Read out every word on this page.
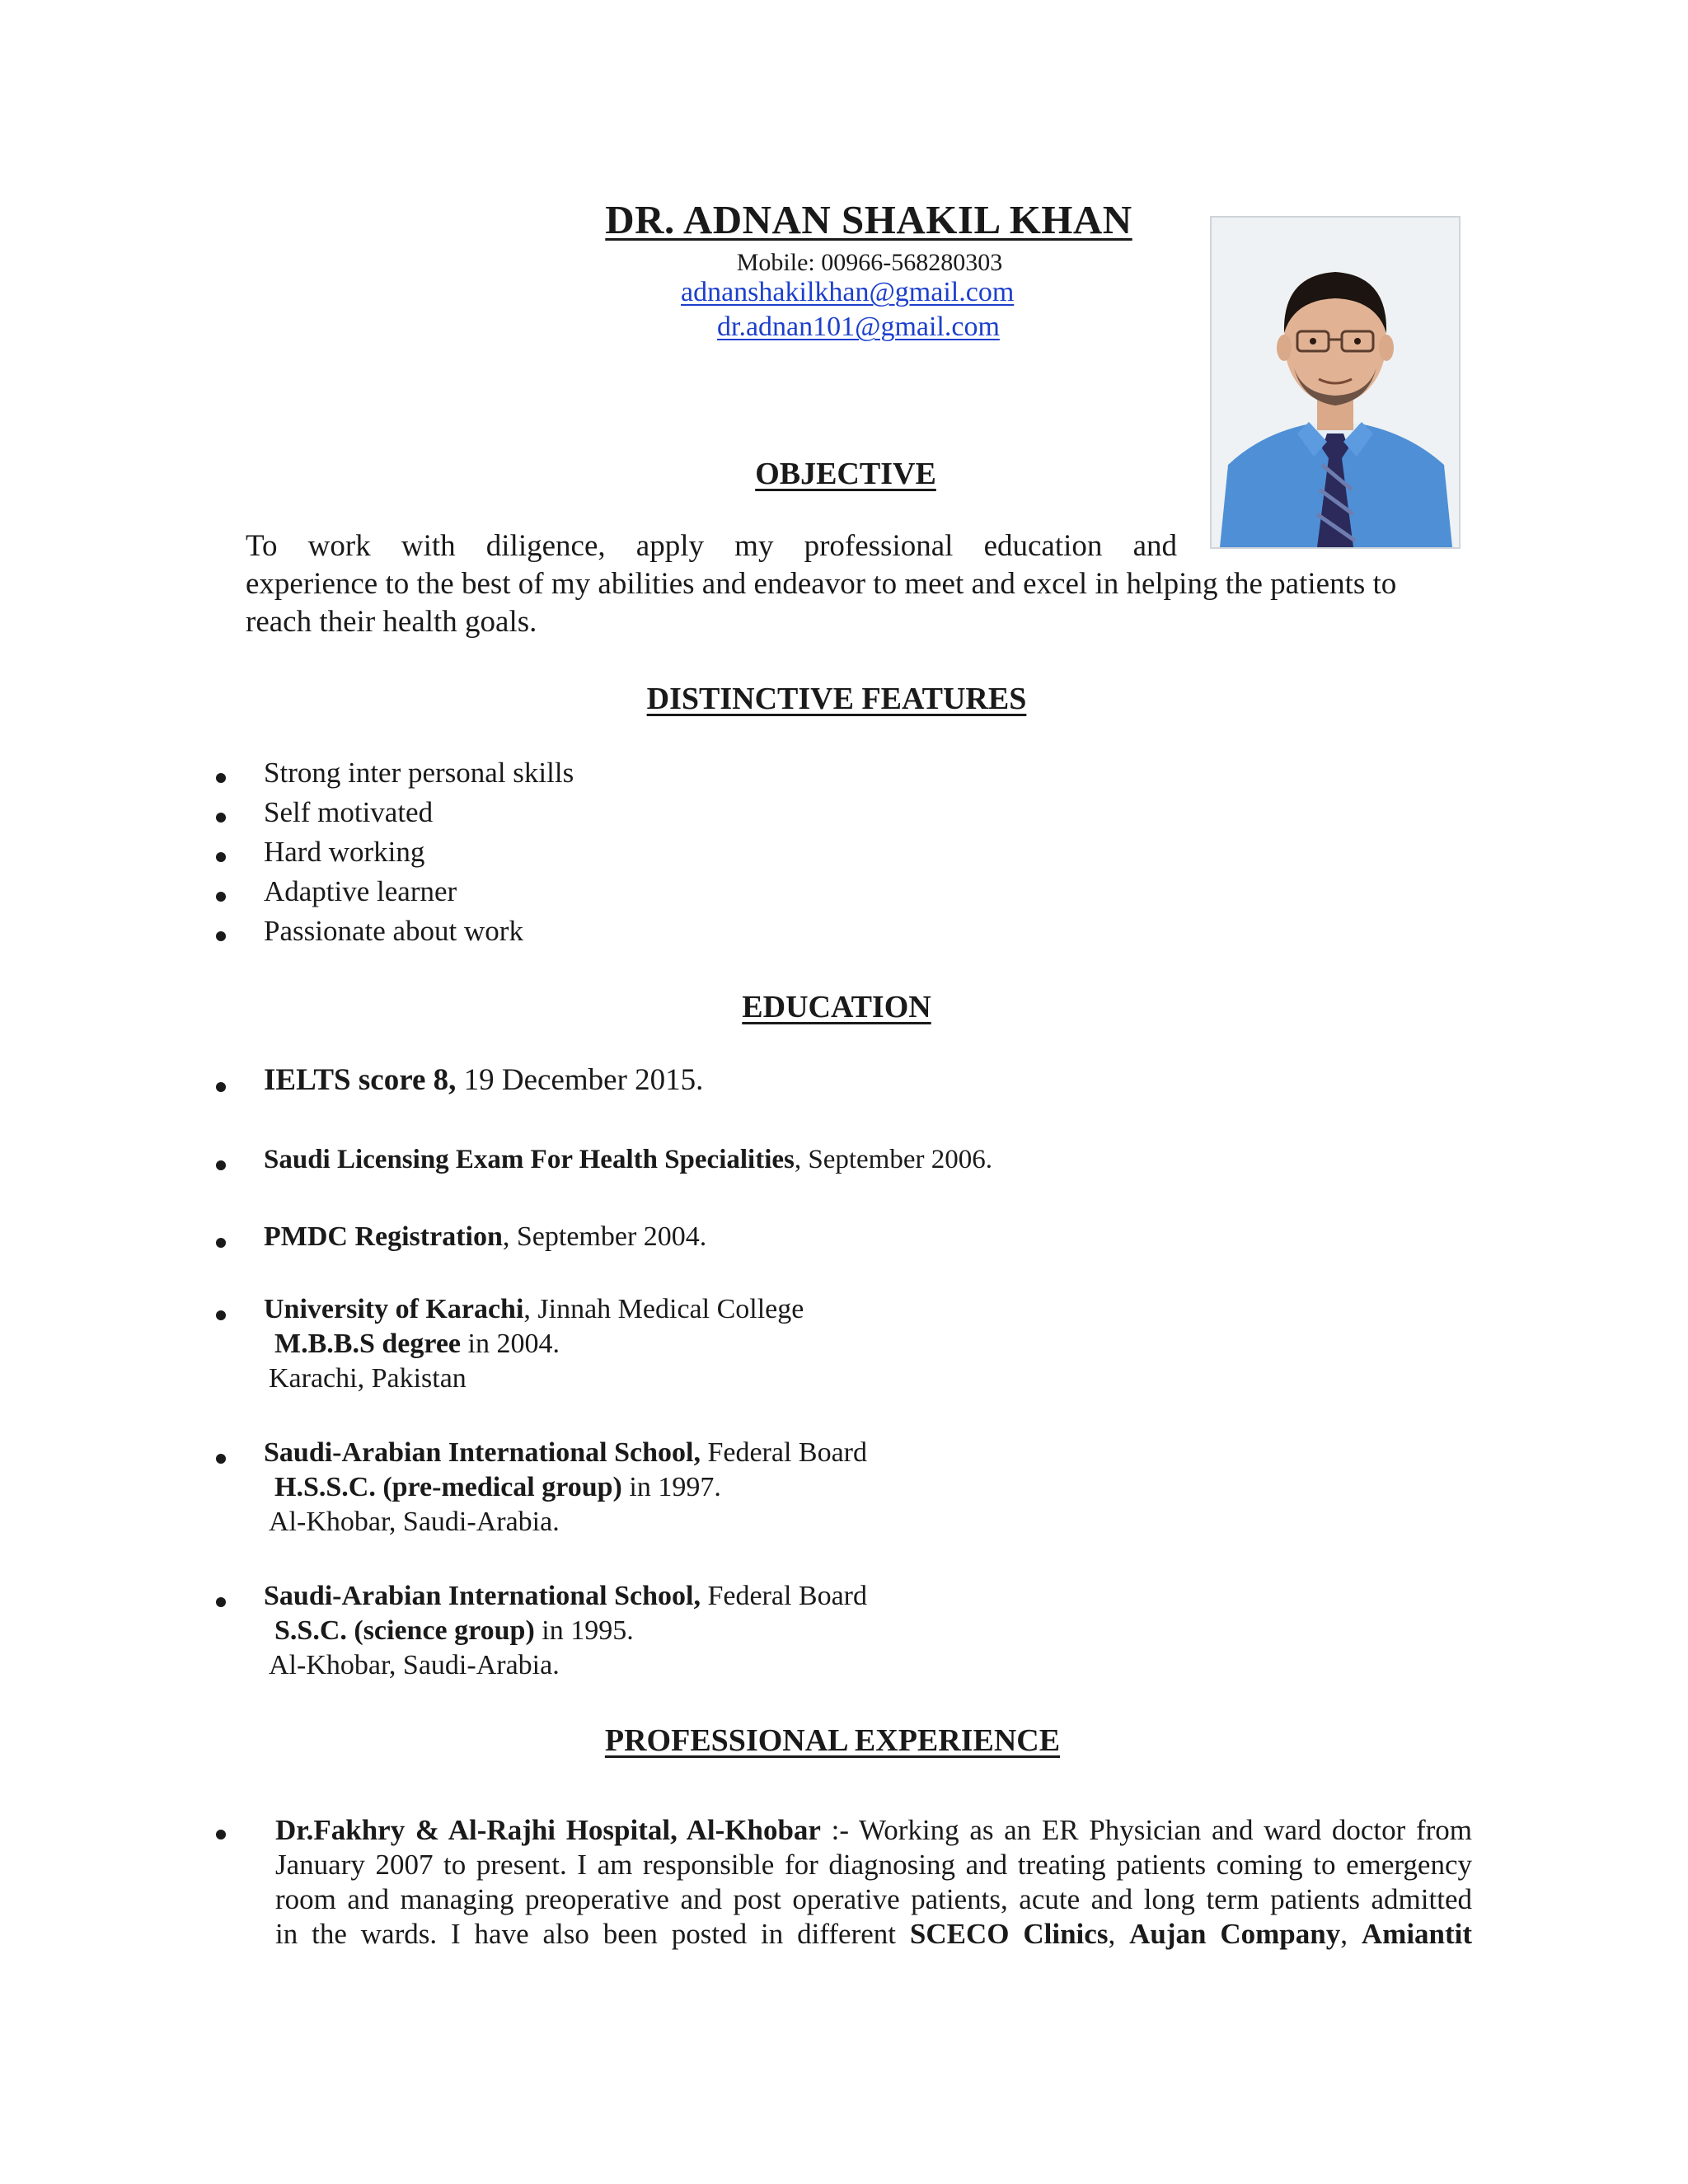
DR. ADNAN SHAKIL KHAN
Mobile: 00966-568280303
adnanshakilkhan@gmail.com
dr.adnan101@gmail.com
OBJECTIVE
To work with diligence, apply my professional education and
experience to the best of my abilities and endeavor to meet and excel in helping the patients to
reach their health goals.
DISTINCTIVE FEATURES
Strong inter personal skills
Self motivated
Hard working
Adaptive learner
Passionate about work
EDUCATION
IELTS score 8, 19 December 2015.
Saudi Licensing Exam For Health Specialities, September 2006.
PMDC Registration, September 2004.
University of Karachi, Jinnah Medical College
M.B.B.S degree in 2004.
Karachi, Pakistan
Saudi-Arabian International School, Federal Board
H.S.S.C. (pre-medical group) in 1997.
Al-Khobar, Saudi-Arabia.
Saudi-Arabian International School, Federal Board
S.S.C. (science group) in 1995.
Al-Khobar, Saudi-Arabia.
PROFESSIONAL EXPERIENCE
Dr.Fakhry & Al-Rajhi Hospital, Al-Khobar :- Working as an ER Physician and ward doctor from
January 2007 to present. I am responsible for diagnosing and treating patients coming to emergency
room and managing preoperative and post operative patients, acute and long term patients admitted
in the wards. I have also been posted in different SCECO Clinics, Aujan Company, Amiantit
